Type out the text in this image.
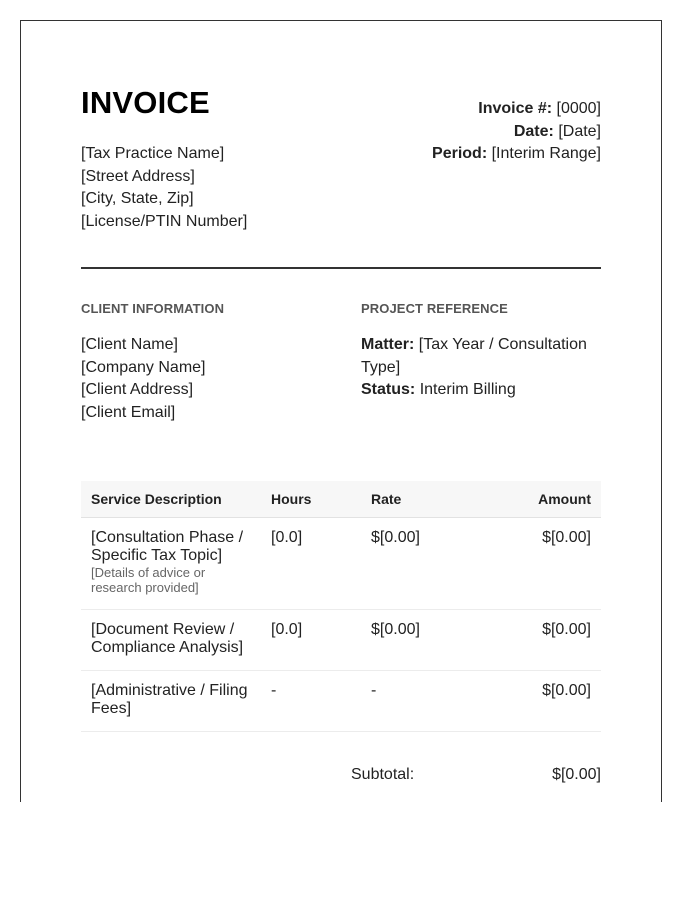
INVOICE
[Tax Practice Name]
[Street Address]
[City, State, Zip]
[License/PTIN Number]
Invoice #: [0000]
Date: [Date]
Period: [Interim Range]
CLIENT INFORMATION	PROJECT REFERENCE
[Client Name]
[Company Name]
[Client Address]
[Client Email]
Matter: [Tax Year / Consultation Type]
Status: Interim Billing
Service Description	Hours	Rate	Amount
[Consultation Phase / Specific Tax Topic]
[Details of advice or research provided]	[0.0]	$[0.00]	$[0.00]
[Document Review / Compliance Analysis]	[0.0]	$[0.00]	$[0.00]
[Administrative / Filing Fees]	-	-	$[0.00]
Subtotal:	$[0.00]
